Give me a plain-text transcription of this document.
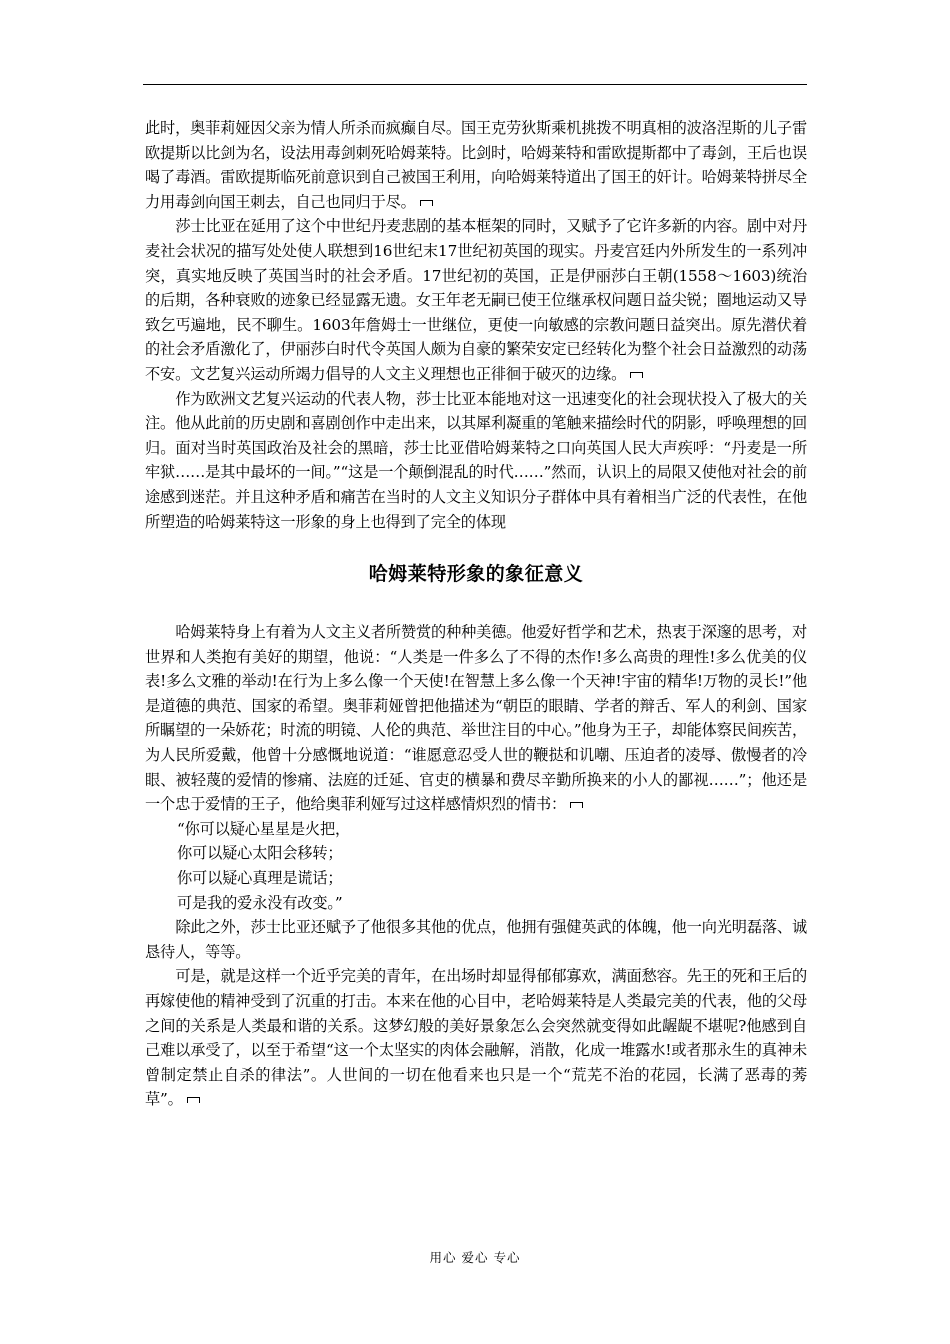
此时，奥菲莉娅因父亲为情人所杀而疯癫自尽。国王克劳狄斯乘机挑拨不明真相的波洛涅斯的儿子雷欧提斯以比剑为名，设法用毒剑刺死哈姆莱特。比剑时，哈姆莱特和雷欧提斯都中了毒剑，王后也误喝了毒酒。雷欧提斯临死前意识到自己被国王利用，向哈姆莱特道出了国王的奸计。哈姆莱特拼尽全力用毒剑向国王刺去，自己也同归于尽。

莎士比亚在延用了这个中世纪丹麦悲剧的基本框架的同时，又赋予了它许多新的内容。剧中对丹麦社会状况的描写处处使人联想到16世纪末17世纪初英国的现实。丹麦宫廷内外所发生的一系列冲突，真实地反映了英国当时的社会矛盾。17世纪初的英国，正是伊丽莎白王朝(1558～1603)统治的后期，各种衰败的迹象已经显露无遗。女王年老无嗣已使王位继承权问题日益尖锐；圈地运动又导致乞丐遍地，民不聊生。1603年詹姆士一世继位，更使一向敏感的宗教问题日益突出。原先潜伏着的社会矛盾激化了，伊丽莎白时代令英国人颇为自豪的繁荣安定已经转化为整个社会日益激烈的动荡不安。文艺复兴运动所竭力倡导的人文主义理想也正徘徊于破灭的边缘。

作为欧洲文艺复兴运动的代表人物，莎士比亚本能地对这一迅速变化的社会现状投入了极大的关注。他从此前的历史剧和喜剧创作中走出来，以其犀利凝重的笔触来描绘时代的阴影，呼唤理想的回归。面对当时英国政治及社会的黑暗，莎士比亚借哈姆莱特之口向英国人民大声疾呼：“丹麦是一所牢狱……是其中最坏的一间。”“这是一个颠倒混乱的时代……”然而，认识上的局限又使他对社会的前途感到迷茫。并且这种矛盾和痛苦在当时的人文主义知识分子群体中具有着相当广泛的代表性，在他所塑造的哈姆莱特这一形象的身上也得到了完全的体现

哈姆莱特形象的象征意义

哈姆莱特身上有着为人文主义者所赞赏的种种美德。他爱好哲学和艺术，热衷于深邃的思考，对世界和人类抱有美好的期望，他说：“人类是一件多么了不得的杰作!多么高贵的理性!多么优美的仪表!多么文雅的举动!在行为上多么像一个天使!在智慧上多么像一个天神!宇宙的精华!万物的灵长!”他是道德的典范、国家的希望。奥菲莉娅曾把他描述为“朝臣的眼睛、学者的辩舌、军人的利剑、国家所瞩望的一朵娇花；时流的明镜、人伦的典范、举世注目的中心。”他身为王子，却能体察民间疾苦，为人民所爱戴，他曾十分感慨地说道：“谁愿意忍受人世的鞭挞和讥嘲、压迫者的凌辱、傲慢者的冷眼、被轻蔑的爱情的惨痛、法庭的迁延、官吏的横暴和费尽辛勤所换来的小人的鄙视……”；他还是一个忠于爱情的王子，他给奥菲利娅写过这样感情炽烈的情书：

“你可以疑心星星是火把，

你可以疑心太阳会移转；

你可以疑心真理是谎话；

可是我的爱永没有改变。”

除此之外，莎士比亚还赋予了他很多其他的优点，他拥有强健英武的体魄，他一向光明磊落、诚恳待人，等等。

可是，就是这样一个近乎完美的青年，在出场时却显得郁郁寡欢，满面愁容。先王的死和王后的再嫁使他的精神受到了沉重的打击。本来在他的心目中，老哈姆莱特是人类最完美的代表，他的父母之间的关系是人类最和谐的关系。这梦幻般的美好景象怎么会突然就变得如此龌龊不堪呢?他感到自己难以承受了，以至于希望“这一个太坚实的肉体会融解，消散，化成一堆露水!或者那永生的真神未曾制定禁止自杀的律法”。人世间的一切在他看来也只是一个“荒芜不治的花园，长满了恶毒的莠草”。

用心 爱心 专心
